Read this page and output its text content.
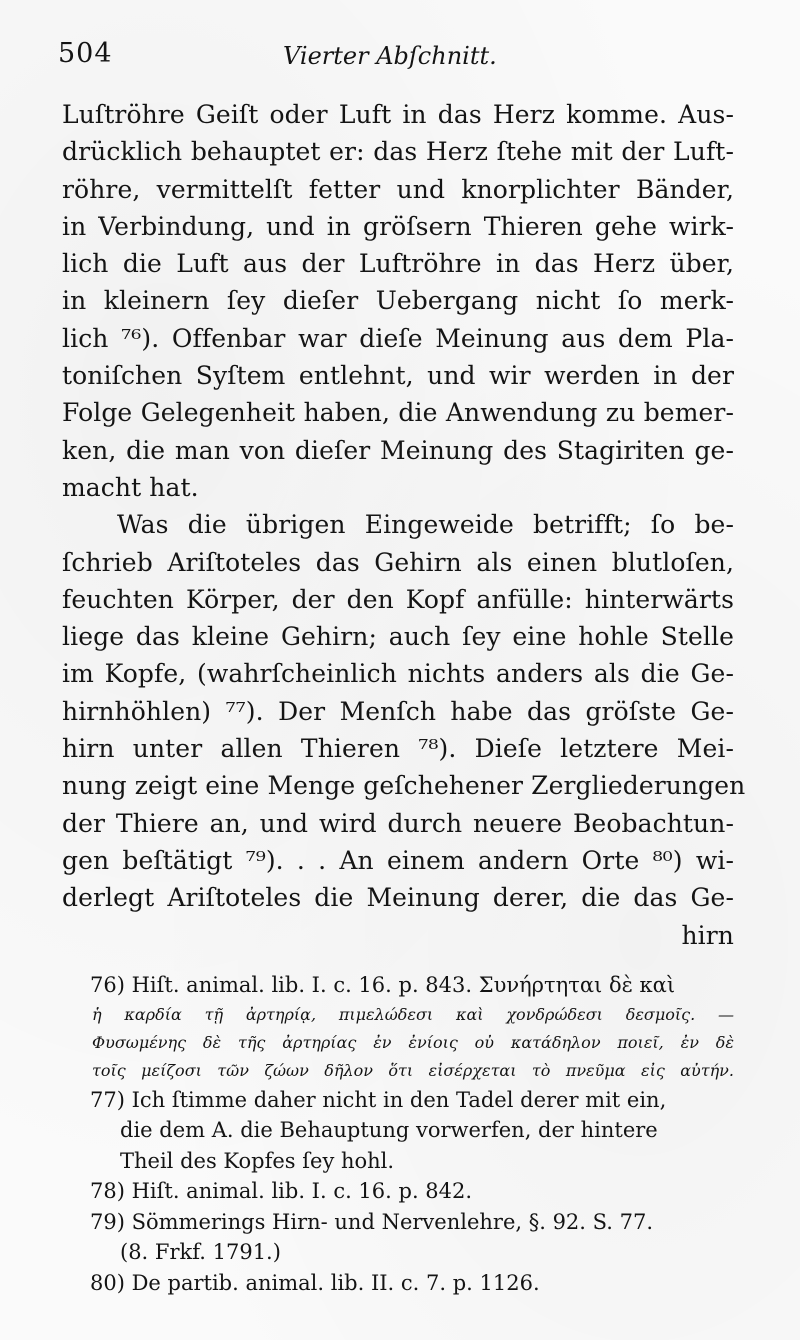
504	Vierter Abſchnitt.
Luſtröhre Geiſt oder Luft in das Herz komme. Aus-
drücklich behauptet er: das Herz ſtehe mit der Luft-
röhre, vermittelſt fetter und knorplichter Bänder,
in Verbindung, und in gröſsern Thieren gehe wirk-
lich die Luft aus der Luftröhre in das Herz über,
in kleinern ſey dieſer Uebergang nicht ſo merk-
lich ⁷⁶). Offenbar war dieſe Meinung aus dem Pla-
toniſchen Syſtem entlehnt, und wir werden in der
Folge Gelegenheit haben, die Anwendung zu bemer-
ken, die man von dieſer Meinung des Stagiriten ge-
macht hat.
Was die übrigen Eingeweide betrifft; ſo be-
ſchrieb Ariſtoteles das Gehirn als einen blutloſen,
feuchten Körper, der den Kopf anfülle: hinterwärts
liege das kleine Gehirn; auch ſey eine hohle Stelle
im Kopfe, (wahrſcheinlich nichts anders als die Ge-
hirnhöhlen) ⁷⁷). Der Menſch habe das gröſste Ge-
hirn unter allen Thieren ⁷⁸). Dieſe letztere Mei-
nung zeigt eine Menge geſchehener Zergliederungen
der Thiere an, und wird durch neuere Beobachtun-
gen beſtätigt ⁷⁹). . . An einem andern Orte ⁸⁰) wi-
derlegt Ariſtoteles die Meinung derer, die das Ge-
hirn
76) Hiſt. animal. lib. I. c. 16. p. 843. Συνήρτηται δὲ καὶ
ἡ καρδία τῇ ἀρτηρίᾳ, πιμελώδεσι καὶ χονδρώδεσι δεσμοῖς. —
Φυσωμένης δὲ τῆς ἀρτηρίας ἐν ἐνίοις οὐ κατάδηλον ποιεῖ, ἐν δὲ
τοῖς μείζοσι τῶν ζώων δῆλον ὅτι εἰσέρχεται τὸ πνεῦμα εἰς αὐτήν.
77) Ich ſtimme daher nicht in den Tadel derer mit ein,
die dem A. die Behauptung vorwerfen, der hintere
Theil des Kopfes ſey hohl.
78) Hiſt. animal. lib. I. c. 16. p. 842.
79) Sömmerings Hirn- und Nervenlehre, §. 92. S. 77.
(8. Frkf. 1791.)
80) De partib. animal. lib. II. c. 7. p. 1126.
